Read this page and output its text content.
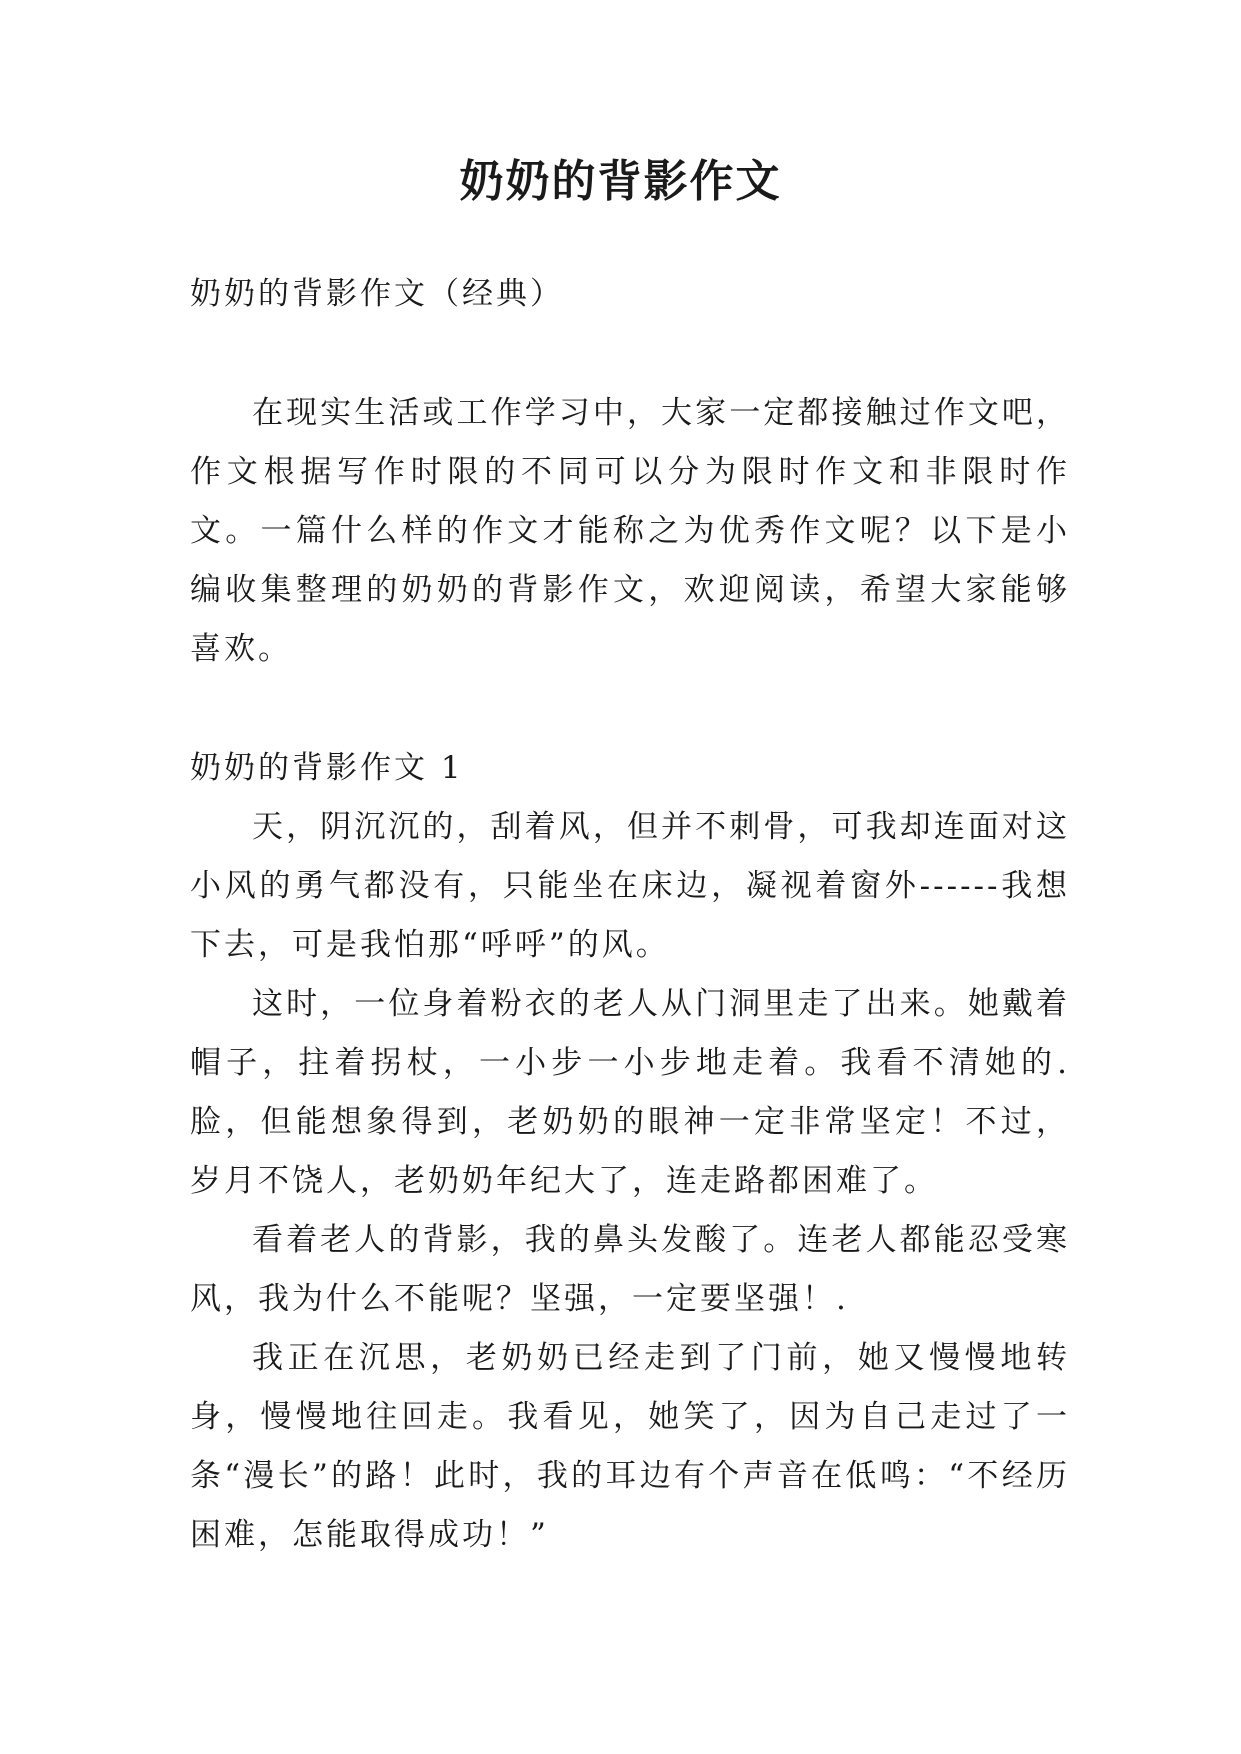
奶奶的背影作文

奶奶的背影作文（经典）

在现实生活或工作学习中，大家一定都接触过作文吧，作文根据写作时限的不同可以分为限时作文和非限时作文。一篇什么样的作文才能称之为优秀作文呢？以下是小编收集整理的奶奶的背影作文，欢迎阅读，希望大家能够喜欢。

奶奶的背影作文 1

天，阴沉沉的，刮着风，但并不刺骨，可我却连面对这小风的勇气都没有，只能坐在床边，凝视着窗外------我想下去，可是我怕那“呼呼”的风。

这时，一位身着粉衣的老人从门洞里走了出来。她戴着帽子，拄着拐杖，一小步一小步地走着。我看不清她的.脸，但能想象得到，老奶奶的眼神一定非常坚定！不过，岁月不饶人，老奶奶年纪大了，连走路都困难了。

看着老人的背影，我的鼻头发酸了。连老人都能忍受寒风，我为什么不能呢？坚强，一定要坚强！.

我正在沉思，老奶奶已经走到了门前，她又慢慢地转身，慢慢地往回走。我看见，她笑了，因为自己走过了一条“漫长”的路！此时，我的耳边有个声音在低鸣：“不经历困难，怎能取得成功！”
